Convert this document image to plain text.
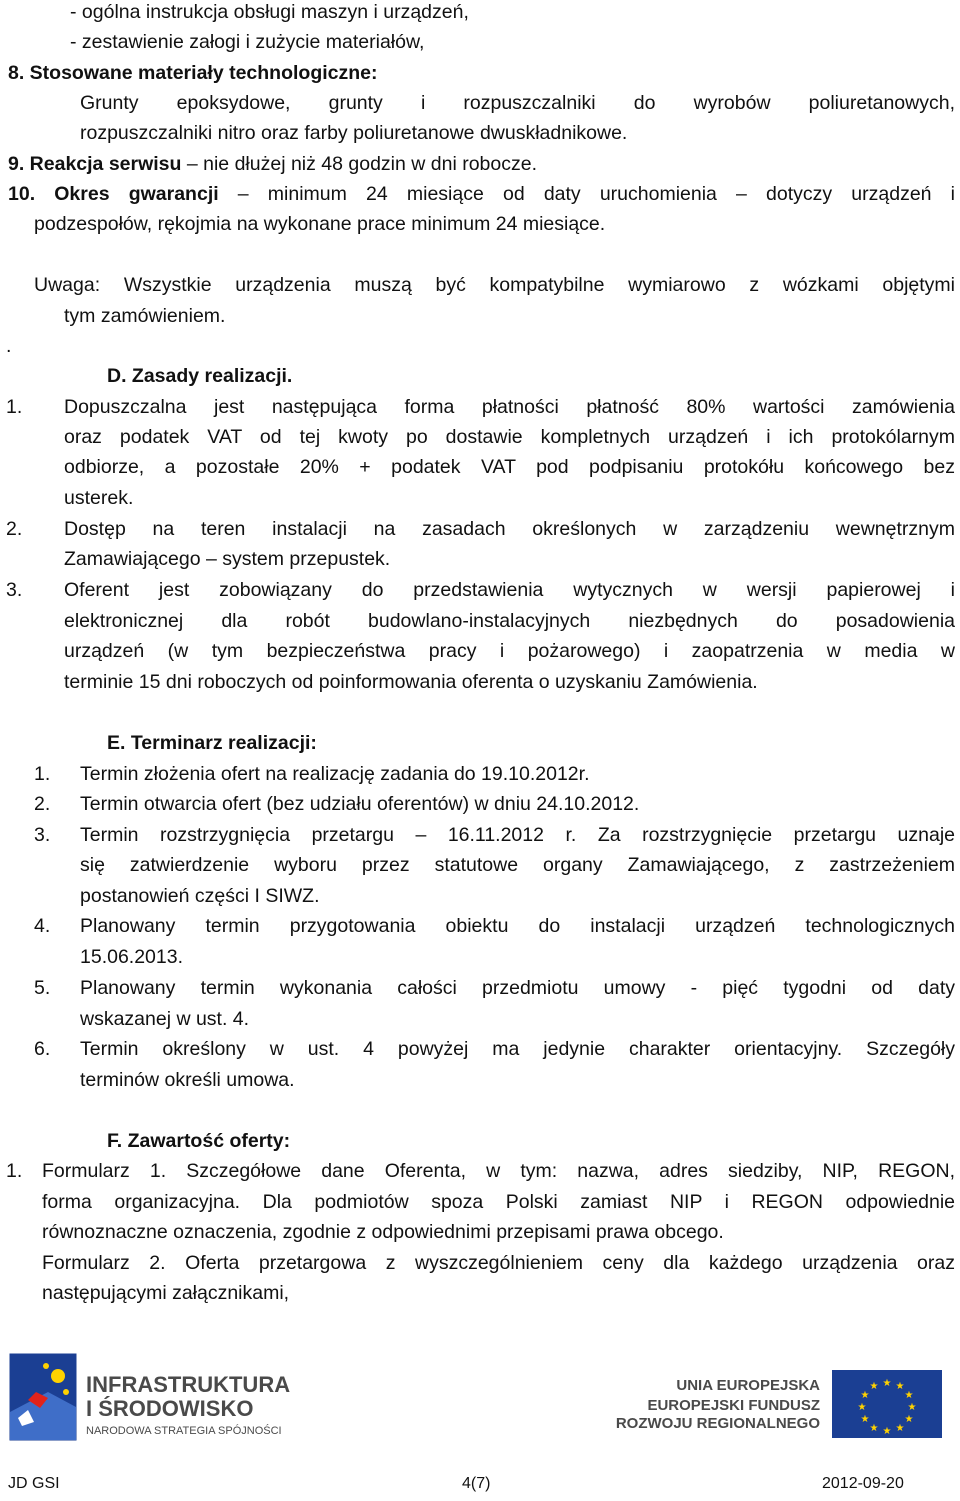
- ogólna instrukcja obsługi maszyn i urządzeń,
- zestawienie załogi i zużycie materiałów,
8. Stosowane materiały technologiczne:
Grunty epoksydowe, grunty i rozpuszczalniki do wyrobów poliuretanowych,
rozpuszczalniki nitro oraz farby poliuretanowe dwuskładnikowe.
9. Reakcja serwisu – nie dłużej niż 48 godzin w dni robocze.
10. Okres gwarancji – minimum 24 miesiące od daty uruchomienia – dotyczy urządzeń i
podzespołów, rękojmia na wykonane prace minimum 24 miesiące.
Uwaga: Wszystkie urządzenia muszą być kompatybilne wymiarowo z wózkami objętymi
tym zamówieniem.
.
D. Zasady realizacji.
1. Dopuszczalna jest następująca forma płatności płatność 80% wartości zamówienia
oraz podatek VAT od tej kwoty po dostawie kompletnych urządzeń i ich protokólarnym
odbiorze, a pozostałe 20% + podatek VAT pod podpisaniu protokółu końcowego bez
usterek.
2. Dostęp na teren instalacji na zasadach określonych w zarządzeniu wewnętrznym
Zamawiającego – system przepustek.
3. Oferent jest zobowiązany do przedstawienia wytycznych w wersji papierowej i
elektronicznej dla robót budowlano-instalacyjnych niezbędnych do posadowienia
urządzeń (w tym bezpieczeństwa pracy i pożarowego) i zaopatrzenia w media w
terminie 15 dni roboczych od poinformowania oferenta o uzyskaniu Zamówienia.
E. Terminarz realizacji:
1. Termin złożenia ofert na realizację zadania do 19.10.2012r.
2. Termin otwarcia ofert (bez udziału oferentów) w dniu 24.10.2012.
3. Termin rozstrzygnięcia przetargu – 16.11.2012 r. Za rozstrzygnięcie przetargu uznaje
się zatwierdzenie wyboru przez statutowe organy Zamawiającego, z zastrzeżeniem
postanowień części I SIWZ.
4. Planowany termin przygotowania obiektu do instalacji urządzeń technologicznych
15.06.2013.
5. Planowany termin wykonania całości przedmiotu umowy - pięć tygodni od daty
wskazanej w ust. 4.
6. Termin określony w ust. 4 powyżej ma jedynie charakter orientacyjny. Szczegóły
terminów określi umowa.
F. Zawartość oferty:
1. Formularz 1. Szczegółowe dane Oferenta, w tym: nazwa, adres siedziby, NIP, REGON,
forma organizacyjna. Dla podmiotów spoza Polski zamiast NIP i REGON odpowiednie
równoznaczne oznaczenia, zgodnie z odpowiednimi przepisami prawa obcego.
Formularz 2. Oferta przetargowa z wyszczególnieniem ceny dla każdego urządzenia oraz
następującymi załącznikami,
INFRASTRUKTURA
I ŚRODOWISKO
NARODOWA STRATEGIA SPÓJNOŚCI
UNIA EUROPEJSKA
EUROPEJSKI FUNDUSZ
ROZWOJU REGIONALNEGO
★ ★
★
★
★
★
★
★
★
★
★
★
JD GSI	4(7)	2012-09-20
